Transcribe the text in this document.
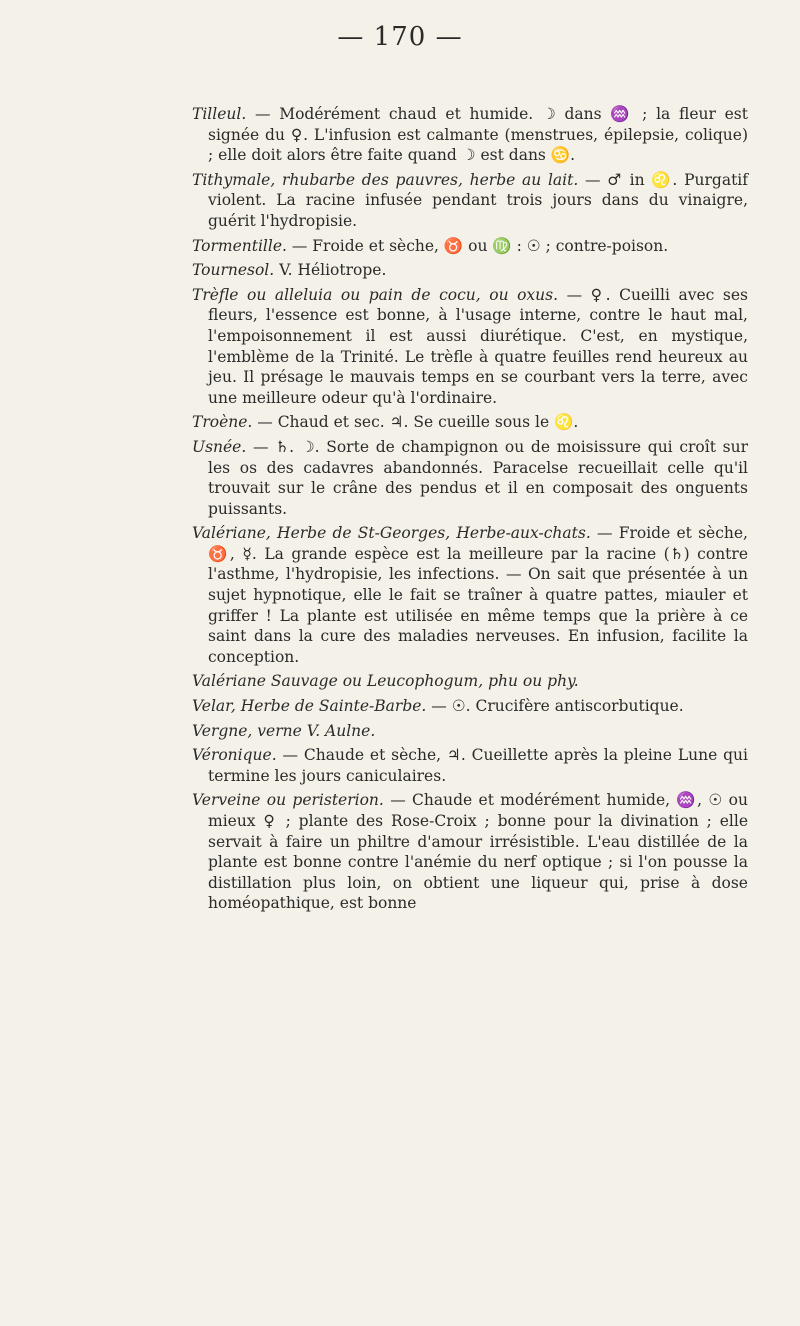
— 170 —

Tilleul. — Modérément chaud et humide. ☽ dans ♒ ; la fleur est signée du ♀. L'infusion est calmante (menstrues, épilepsie, colique) ; elle doit alors être faite quand ☽ est dans ♋.

Tithymale, rhubarbe des pauvres, herbe au lait. — ♂ in ♌. Purgatif violent. La racine infusée pendant trois jours dans du vinaigre, guérit l'hydropisie.

Tormentille. — Froide et sèche, ♉ ou ♍ : ☉ ; contre-poison.

Tournesol. V. Héliotrope.

Trèfle ou alleluia ou pain de cocu, ou oxus. — ♀. Cueilli avec ses fleurs, l'essence est bonne, à l'usage interne, contre le haut mal, l'empoisonnement il est aussi diurétique. C'est, en mystique, l'emblème de la Trinité. Le trèfle à quatre feuilles rend heureux au jeu. Il présage le mauvais temps en se courbant vers la terre, avec une meilleure odeur qu'à l'ordinaire.

Troène. — Chaud et sec. ♃. Se cueille sous le ♌.

Usnée. — ♄. ☽. Sorte de champignon ou de moisissure qui croît sur les os des cadavres abandonnés. Paracelse recueillait celle qu'il trouvait sur le crâne des pendus et il en composait des onguents puissants.

Valériane, Herbe de St-Georges, Herbe-aux-chats. — Froide et sèche, ♉, ☿. La grande espèce est la meilleure par la racine (♄) contre l'asthme, l'hydropisie, les infections. — On sait que présentée à un sujet hypnotique, elle le fait se traîner à quatre pattes, miauler et griffer ! La plante est utilisée en même temps que la prière à ce saint dans la cure des maladies nerveuses. En infusion, facilite la conception.

Valériane Sauvage ou Leucophogum, phu ou phy.

Velar, Herbe de Sainte-Barbe. — ☉. Crucifère antiscorbutique.

Vergne, verne V. Aulne.

Véronique. — Chaude et sèche, ♃. Cueillette après la pleine Lune qui termine les jours caniculaires.

Verveine ou peristerion. — Chaude et modérément humide, ♒, ☉ ou mieux ♀ ; plante des Rose-Croix ; bonne pour la divination ; elle servait à faire un philtre d'amour irrésistible. L'eau distillée de la plante est bonne contre l'anémie du nerf optique ; si l'on pousse la distillation plus loin, on obtient une liqueur qui, prise à dose homéopathique, est bonne
